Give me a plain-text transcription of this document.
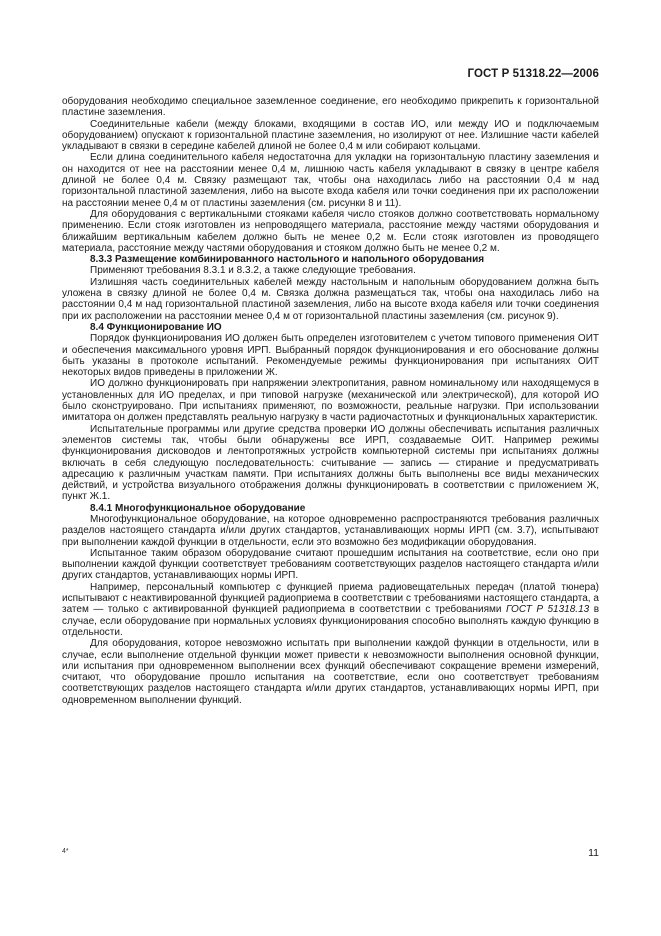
ГОСТ Р 51318.22—2006

оборудования необходимо специальное заземленное соединение, его необходимо прикрепить к горизонтальной пластине заземления.

Соединительные кабели (между блоками, входящими в состав ИО, или между ИО и подключаемым оборудованием) опускают к горизонтальной пластине заземления, но изолируют от нее. Излишние части кабелей укладывают в связки в середине кабелей длиной не более 0,4 м или собирают кольцами.

Если длина соединительного кабеля недостаточна для укладки на горизонтальную пластину заземления и он находится от нее на расстоянии менее 0,4 м, лишнюю часть кабеля укладывают в связку в центре кабеля длиной не более 0,4 м. Связку размещают так, чтобы она находилась либо на расстоянии 0,4 м над горизонтальной пластиной заземления, либо на высоте входа кабеля или точки соединения при их расположении на расстоянии менее 0,4 м от пластины заземления (см. рисунки 8 и 11).

Для оборудования с вертикальными стояками кабеля число стояков должно соответствовать нормальному применению. Если стояк изготовлен из непроводящего материала, расстояние между частями оборудования и ближайшим вертикальным кабелем должно быть не менее 0,2 м. Если стояк изготовлен из проводящего материала, расстояние между частями оборудования и стояком должно быть не менее 0,2 м.

8.3.3 Размещение комбинированного настольного и напольного оборудования

Применяют требования 8.3.1 и 8.3.2, а также следующие требования.

Излишняя часть соединительных кабелей между настольным и напольным оборудованием должна быть уложена в связку длиной не более 0,4 м. Связка должна размещаться так, чтобы она находилась либо на расстоянии 0,4 м над горизонтальной пластиной заземления, либо на высоте входа кабеля или точки соединения при их расположении на расстоянии менее 0,4 м от горизонтальной пластины заземления (см. рисунок 9).

8.4 Функционирование ИО

Порядок функционирования ИО должен быть определен изготовителем с учетом типового применения ОИТ и обеспечения максимального уровня ИРП. Выбранный порядок функционирования и его обоснование должны быть указаны в протоколе испытаний. Рекомендуемые режимы функционирования при испытаниях ОИТ некоторых видов приведены в приложении Ж.

ИО должно функционировать при напряжении электропитания, равном номинальному или находящемуся в установленных для ИО пределах, и при типовой нагрузке (механической или электрической), для которой ИО было сконструировано. При испытаниях применяют, по возможности, реальные нагрузки. При использовании имитатора он должен представлять реальную нагрузку в части радиочастотных и функциональных характеристик.

Испытательные программы или другие средства проверки ИО должны обеспечивать испытания различных элементов системы так, чтобы были обнаружены все ИРП, создаваемые ОИТ. Например режимы функционирования дисководов и лентопротяжных устройств компьютерной системы при испытаниях должны включать в себя следующую последовательность: считывание — запись — стирание и предусматривать адресацию к различным участкам памяти. При испытаниях должны быть выполнены все виды механических действий, и устройства визуального отображения должны функционировать в соответствии с приложением Ж, пункт Ж.1.

8.4.1 Многофункциональное оборудование

Многофункциональное оборудование, на которое одновременно распространяются требования различных разделов настоящего стандарта и/или других стандартов, устанавливающих нормы ИРП (см. 3.7), испытывают при выполнении каждой функции в отдельности, если это возможно без модификации оборудования.

Испытанное таким образом оборудование считают прошедшим испытания на соответствие, если оно при выполнении каждой функции соответствует требованиям соответствующих разделов настоящего стандарта и/или других стандартов, устанавливающих нормы ИРП.

Например, персональный компьютер с функцией приема радиовещательных передач (платой тюнера) испытывают с неактивированной функцией радиоприема в соответствии с требованиями настоящего стандарта, а затем — только с активированной функцией радиоприема в соответствии с требованиями ГОСТ Р 51318.13 в случае, если оборудование при нормальных условиях функционирования способно выполнять каждую функцию в отдельности.

Для оборудования, которое невозможно испытать при выполнении каждой функции в отдельности, или в случае, если выполнение отдельной функции может привести к невозможности выполнения основной функции, или испытания при одновременном выполнении всех функций обеспечивают сокращение времени измерений, считают, что оборудование прошло испытания на соответствие, если оно соответствует требованиям соответствующих разделов настоящего стандарта и/или других стандартов, устанавливающих нормы ИРП, при одновременном выполнении функций.

4*	11
